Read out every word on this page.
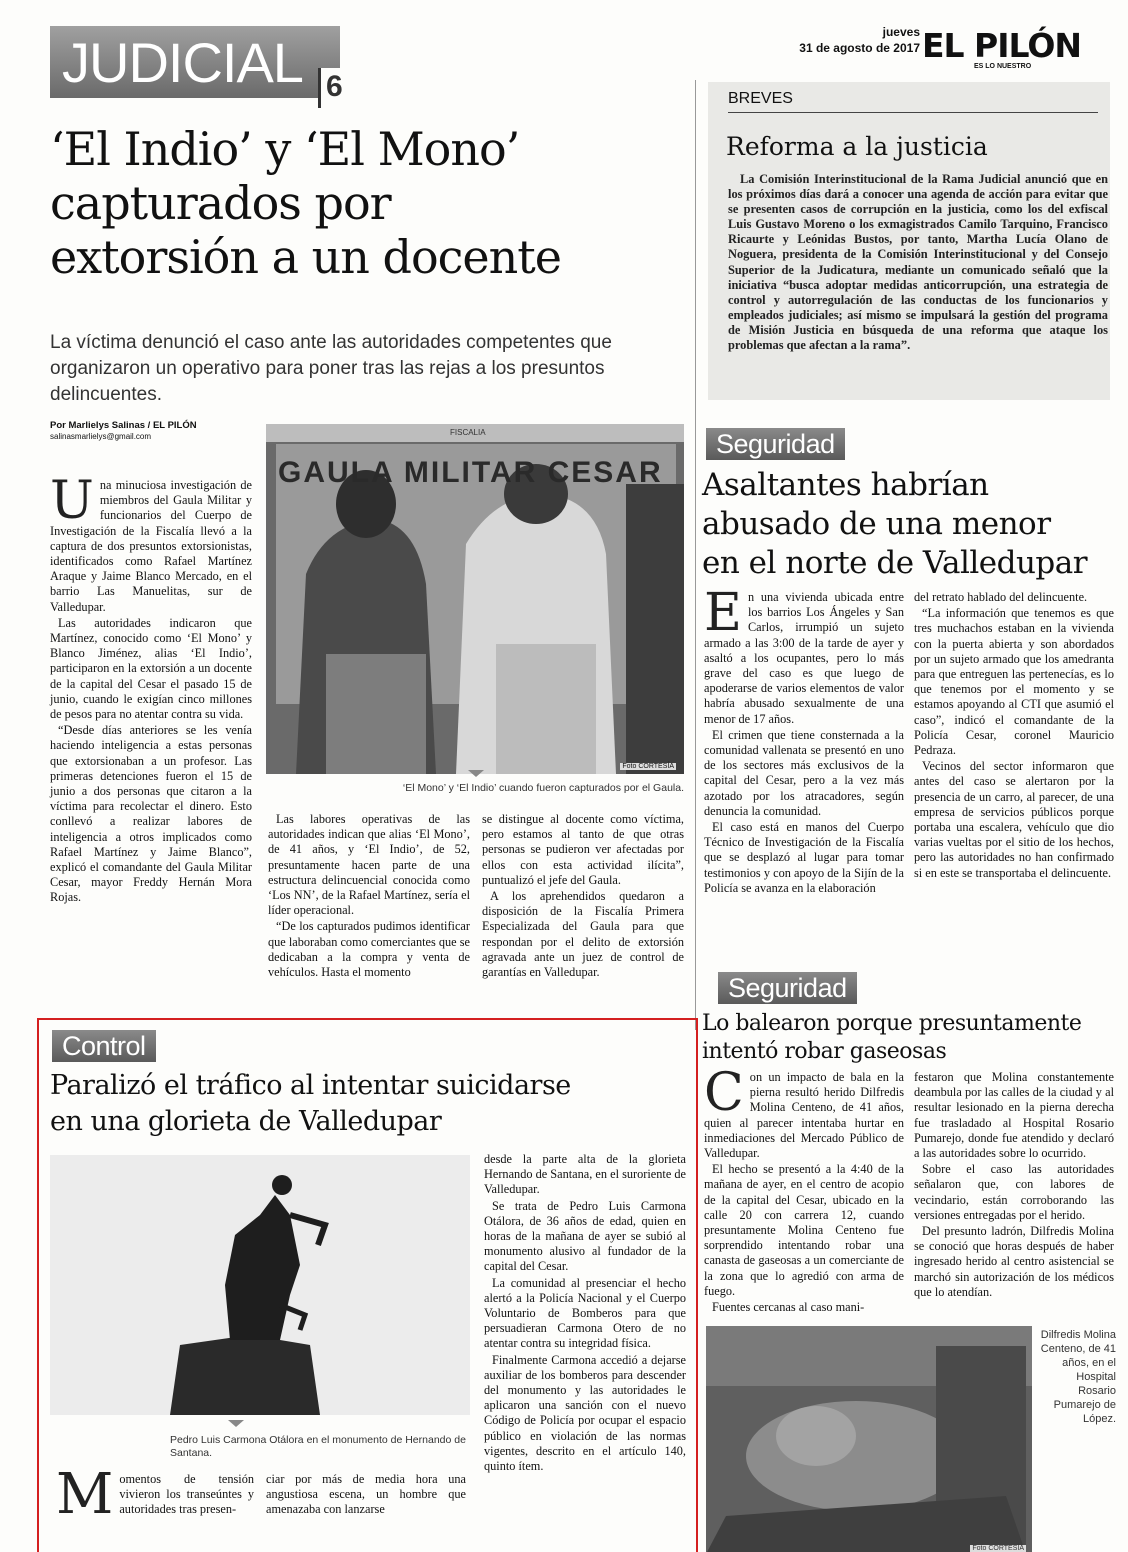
JUDICIAL 6
jueves
31 de agosto de 2017 EL PILÓN
ES LO NUESTRO
‘El Indio’ y ‘El Mono’
capturados por
extorsión a un docente
La víctima denunció el caso ante las autoridades competentes que organizaron un operativo para poner tras las rejas a los presuntos delincuentes.
Por Marlielys Salinas / EL PILÓN
salinasmarlielys@gmail.com
U na minuciosa investigación de miembros del Gaula Militar y funcionarios del Cuerpo de Investigación de la Fiscalía llevó a la captura de dos presuntos extorsionistas, identificados como Rafael Martínez Araque y Jaime Blanco Mercado, en el barrio Las Manuelitas, sur de Valledupar.

Las autoridades indicaron que Martínez, conocido como ‘El Mono’ y Blanco Jiménez, alias ‘El Indio’, participaron en la extorsión a un docente de la capital del Cesar el pasado 15 de junio, cuando le exigían cinco millones de pesos para no atentar contra su vida.

“Desde días anteriores se les venía haciendo inteligencia a estas personas que extorsionaban a un profesor. Las primeras detenciones fueron el 15 de junio a dos personas que citaron a la víctima para recolectar el dinero. Esto conllevó a realizar labores de inteligencia a otros implicados como Rafael Martínez y Jaime Blanco”, explicó el comandante del Gaula Militar Cesar, mayor Freddy Hernán Mora Rojas.

GAULA MILITAR CESAR
FISCALIA
Foto CORTESÍA
‘El Mono’ y ‘El Indio’ cuando fueron capturados por el Gaula.

Las labores operativas de las autoridades indican que alias ‘El Mono’, de 41 años, y ‘El Indio’, de 52, presuntamente hacen parte de una estructura delincuencial conocida como ‘Los NN’, de la Rafael Martínez, sería el líder operacional.

“De los capturados pudimos identificar que laboraban como comerciantes que se dedicaban a la compra y venta de vehículos. Hasta el momento

se distingue al docente como víctima, pero estamos al tanto de que otras personas se pudieron ver afectadas por ellos con esta actividad ilícita”, puntualizó el jefe del Gaula.

A los aprehendidos quedaron a disposición de la Fiscalía Primera Especializada del Gaula para que respondan por el delito de extorsión agravada ante un juez de control de garantías en Valledupar.

BREVES
Reforma a la justicia
La Comisión Interinstitucional de la Rama Judicial anunció que en los próximos días dará a conocer una agenda de acción para evitar que se presenten casos de corrupción en la justicia, como los del exfiscal Luis Gustavo Moreno o los exmagistrados Camilo Tarquino, Francisco Ricaurte y Leónidas Bustos, por tanto, Martha Lucía Olano de Noguera, presidenta de la Comisión Interinstitucional y del Consejo Superior de la Judicatura, mediante un comunicado señaló que la iniciativa “busca adoptar medidas anticorrupción, una estrategia de control y autorregulación de las conductas de los funcionarios y empleados judiciales; así mismo se impulsará la gestión del programa de Misión Justicia en búsqueda de una reforma que ataque los problemas que afectan a la rama”.
Seguridad
Asaltantes habrían
abusado de una menor
en el norte de Valledupar
E n una vivienda ubicada entre los barrios Los Ángeles y San Carlos, irrumpió un sujeto armado a las 3:00 de la tarde de ayer y asaltó a los ocupantes, pero lo más grave del caso es que luego de apoderarse de varios elementos de valor habría abusado sexualmente de una menor de 17 años.

El crimen que tiene consternada a la comunidad vallenata se presentó en uno de los sectores más exclusivos de la capital del Cesar, pero a la vez más azotado por los atracadores, según denuncia la comunidad.

El caso está en manos del Cuerpo Técnico de Investigación de la Fiscalía que se desplazó al lugar para tomar testimonios y con apoyo de la Sijín de la Policía se avanza en la elaboración

del retrato hablado del delincuente.

“La información que tenemos es que tres muchachos estaban en la vivienda con la puerta abierta y son abordados por un sujeto armado que los amedranta para que entreguen las pertenecías, es lo que tenemos por el momento y se estamos apoyando al CTI que asumió el caso”, indicó el comandante de la Policía Cesar, coronel Mauricio Pedraza.

Vecinos del sector informaron que antes del caso se alertaron por la presencia de un carro, al parecer, de una empresa de servicios públicos porque portaba una escalera, vehículo que dio varias vueltas por el sitio de los hechos, pero las autoridades no han confirmado si en este se transportaba el delincuente.

Seguridad
Lo balearon porque presuntamente
intentó robar gaseosas
C on un impacto de bala en la pierna resultó herido Dilfredis Molina Centeno, de 41 años, quien al parecer intentaba hurtar en inmediaciones del Mercado Público de Valledupar.

El hecho se presentó a la 4:40 de la mañana de ayer, en el centro de acopio de la capital del Cesar, ubicado en la calle 20 con carrera 12, cuando presuntamente Molina Centeno fue sorprendido intentando robar una canasta de gaseosas a un comerciante de la zona que lo agredió con arma de fuego.

Fuentes cercanas al caso mani-

festaron que Molina constantemente deambula por las calles de la ciudad y al resultar lesionado en la pierna derecha fue trasladado al Hospital Rosario Pumarejo, donde fue atendido y declaró a las autoridades sobre lo ocurrido.

Sobre el caso las autoridades señalaron que, con labores de vecindario, están corroborando las versiones entregadas por el herido.

Del presunto ladrón, Dilfredis Molina se conoció que horas después de haber ingresado herido al centro asistencial se marchó sin autorización de los médicos que lo atendían.

Foto CORTESÍA
Dilfredis Molina Centeno, de 41 años, en el Hospital Rosario Pumarejo de López.
Control
Paralizó el tráfico al intentar suicidarse
en una glorieta de Valledupar
Pedro Luis Carmona Otálora en el monumento de Hernando de Santana.
M omentos de tensión vivieron los transeúntes y autoridades tras presen-

ciar por más de media hora una angustiosa escena, un hombre que amenazaba con lanzarse

desde la parte alta de la glorieta Hernando de Santana, en el suroriente de Valledupar.

Se trata de Pedro Luis Carmona Otálora, de 36 años de edad, quien en horas de la mañana de ayer se subió al monumento alusivo al fundador de la capital del Cesar.

La comunidad al presenciar el hecho alertó a la Policía Nacional y el Cuerpo Voluntario de Bomberos para que persuadieran Carmona Otero de no atentar contra su integridad física.

Finalmente Carmona accedió a dejarse auxiliar de los bomberos para descender del monumento y las autoridades le aplicaron una sanción con el nuevo Código de Policía por ocupar el espacio público en violación de las normas vigentes, descrito en el artículo 140, quinto ítem.
